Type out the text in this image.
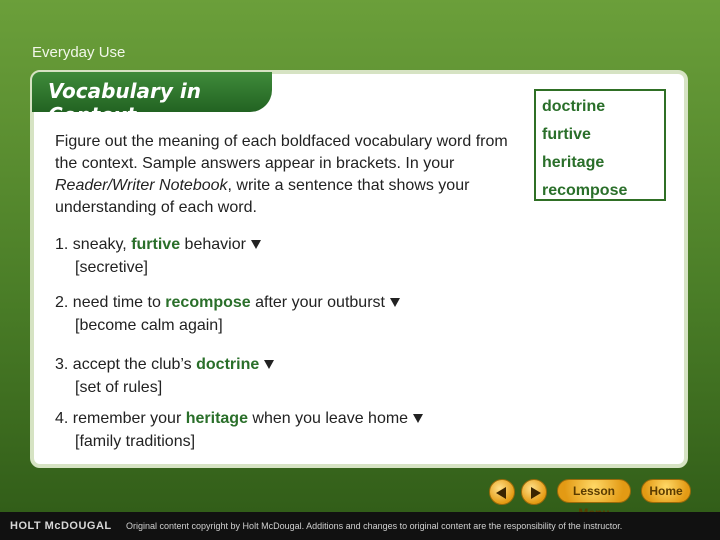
Everyday Use
Vocabulary in Context
Figure out the meaning of each boldfaced vocabulary word from the context. Sample answers appear in brackets. In your Reader/Writer Notebook, write a sentence that shows your understanding of each word.
1. sneaky, furtive behavior
[secretive]
2. need time to recompose after your outburst
[become calm again]
3. accept the club’s doctrine
[set of rules]
4. remember your heritage when you leave home
[family traditions]
doctrine
furtive
heritage
recompose
Lesson	Home
HOLT McDOUGAL Original content copyright by Holt McDougal. Additions and changes to original content are the responsibility of the instructor.
